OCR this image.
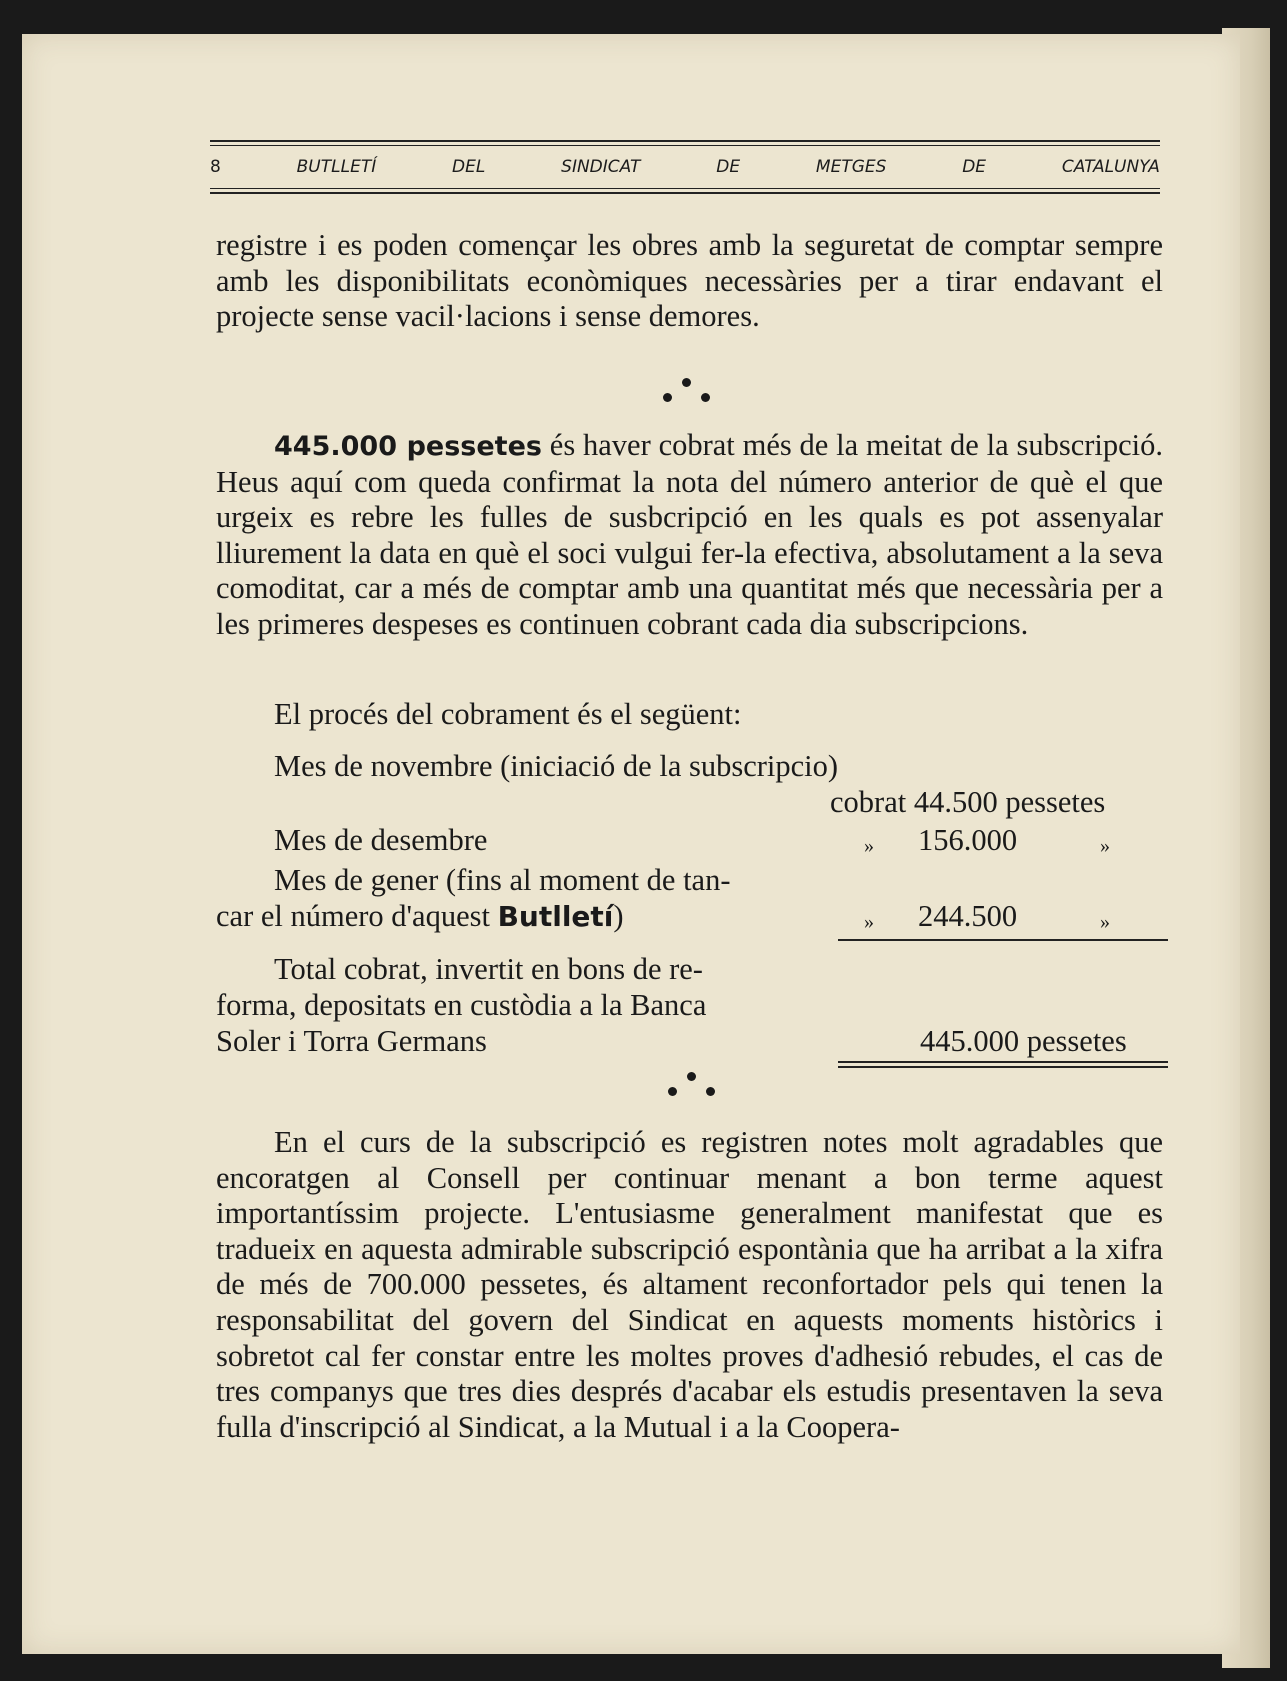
8	BUTLLETÍ	DEL	SINDICAT	DE	METGES	DE	CATALUNYA

registre i es poden començar les obres amb la seguretat de comptar sempre amb les disponibilitats econòmiques necessàries per a tirar endavant el projecte sense vacil·lacions i sense demores.

445.000 pessetes és haver cobrat més de la meitat de la subscripció. Heus aquí com queda confirmat la nota del número anterior de què el que urgeix es rebre les fulles de susbcripció en les quals es pot assenyalar lliurement la data en què el soci vulgui fer-la efectiva, absolutament a la seva comoditat, car a més de comptar amb una quantitat més que necessària per a les primeres despeses es continuen cobrant cada dia subscripcions.

El procés del cobrament és el següent:

Mes de novembre (iniciació de la subscripcio)
cobrat 44.500 pessetes
Mes de desembre	» 156.000	»
Mes de gener (fins al moment de tan-
car el número d'aquest Butlletí)	» 244.500	»
Total cobrat, invertit en bons de re-
forma, depositats en custòdia a la Banca
Soler i Torra Germans	445.000 pessetes

En el curs de la subscripció es registren notes molt agradables que encoratgen al Consell per continuar menant a bon terme aquest importantíssim projecte. L'entusiasme generalment manifestat que es tradueix en aquesta admirable subscripció espontània que ha arribat a la xifra de més de 700.000 pessetes, és altament reconfortador pels qui tenen la responsabilitat del govern del Sindicat en aquests moments històrics i sobretot cal fer constar entre les moltes proves d'adhesió rebudes, el cas de tres companys que tres dies després d'acabar els estudis presentaven la seva fulla d'inscripció al Sindicat, a la Mutual i a la Coopera-
